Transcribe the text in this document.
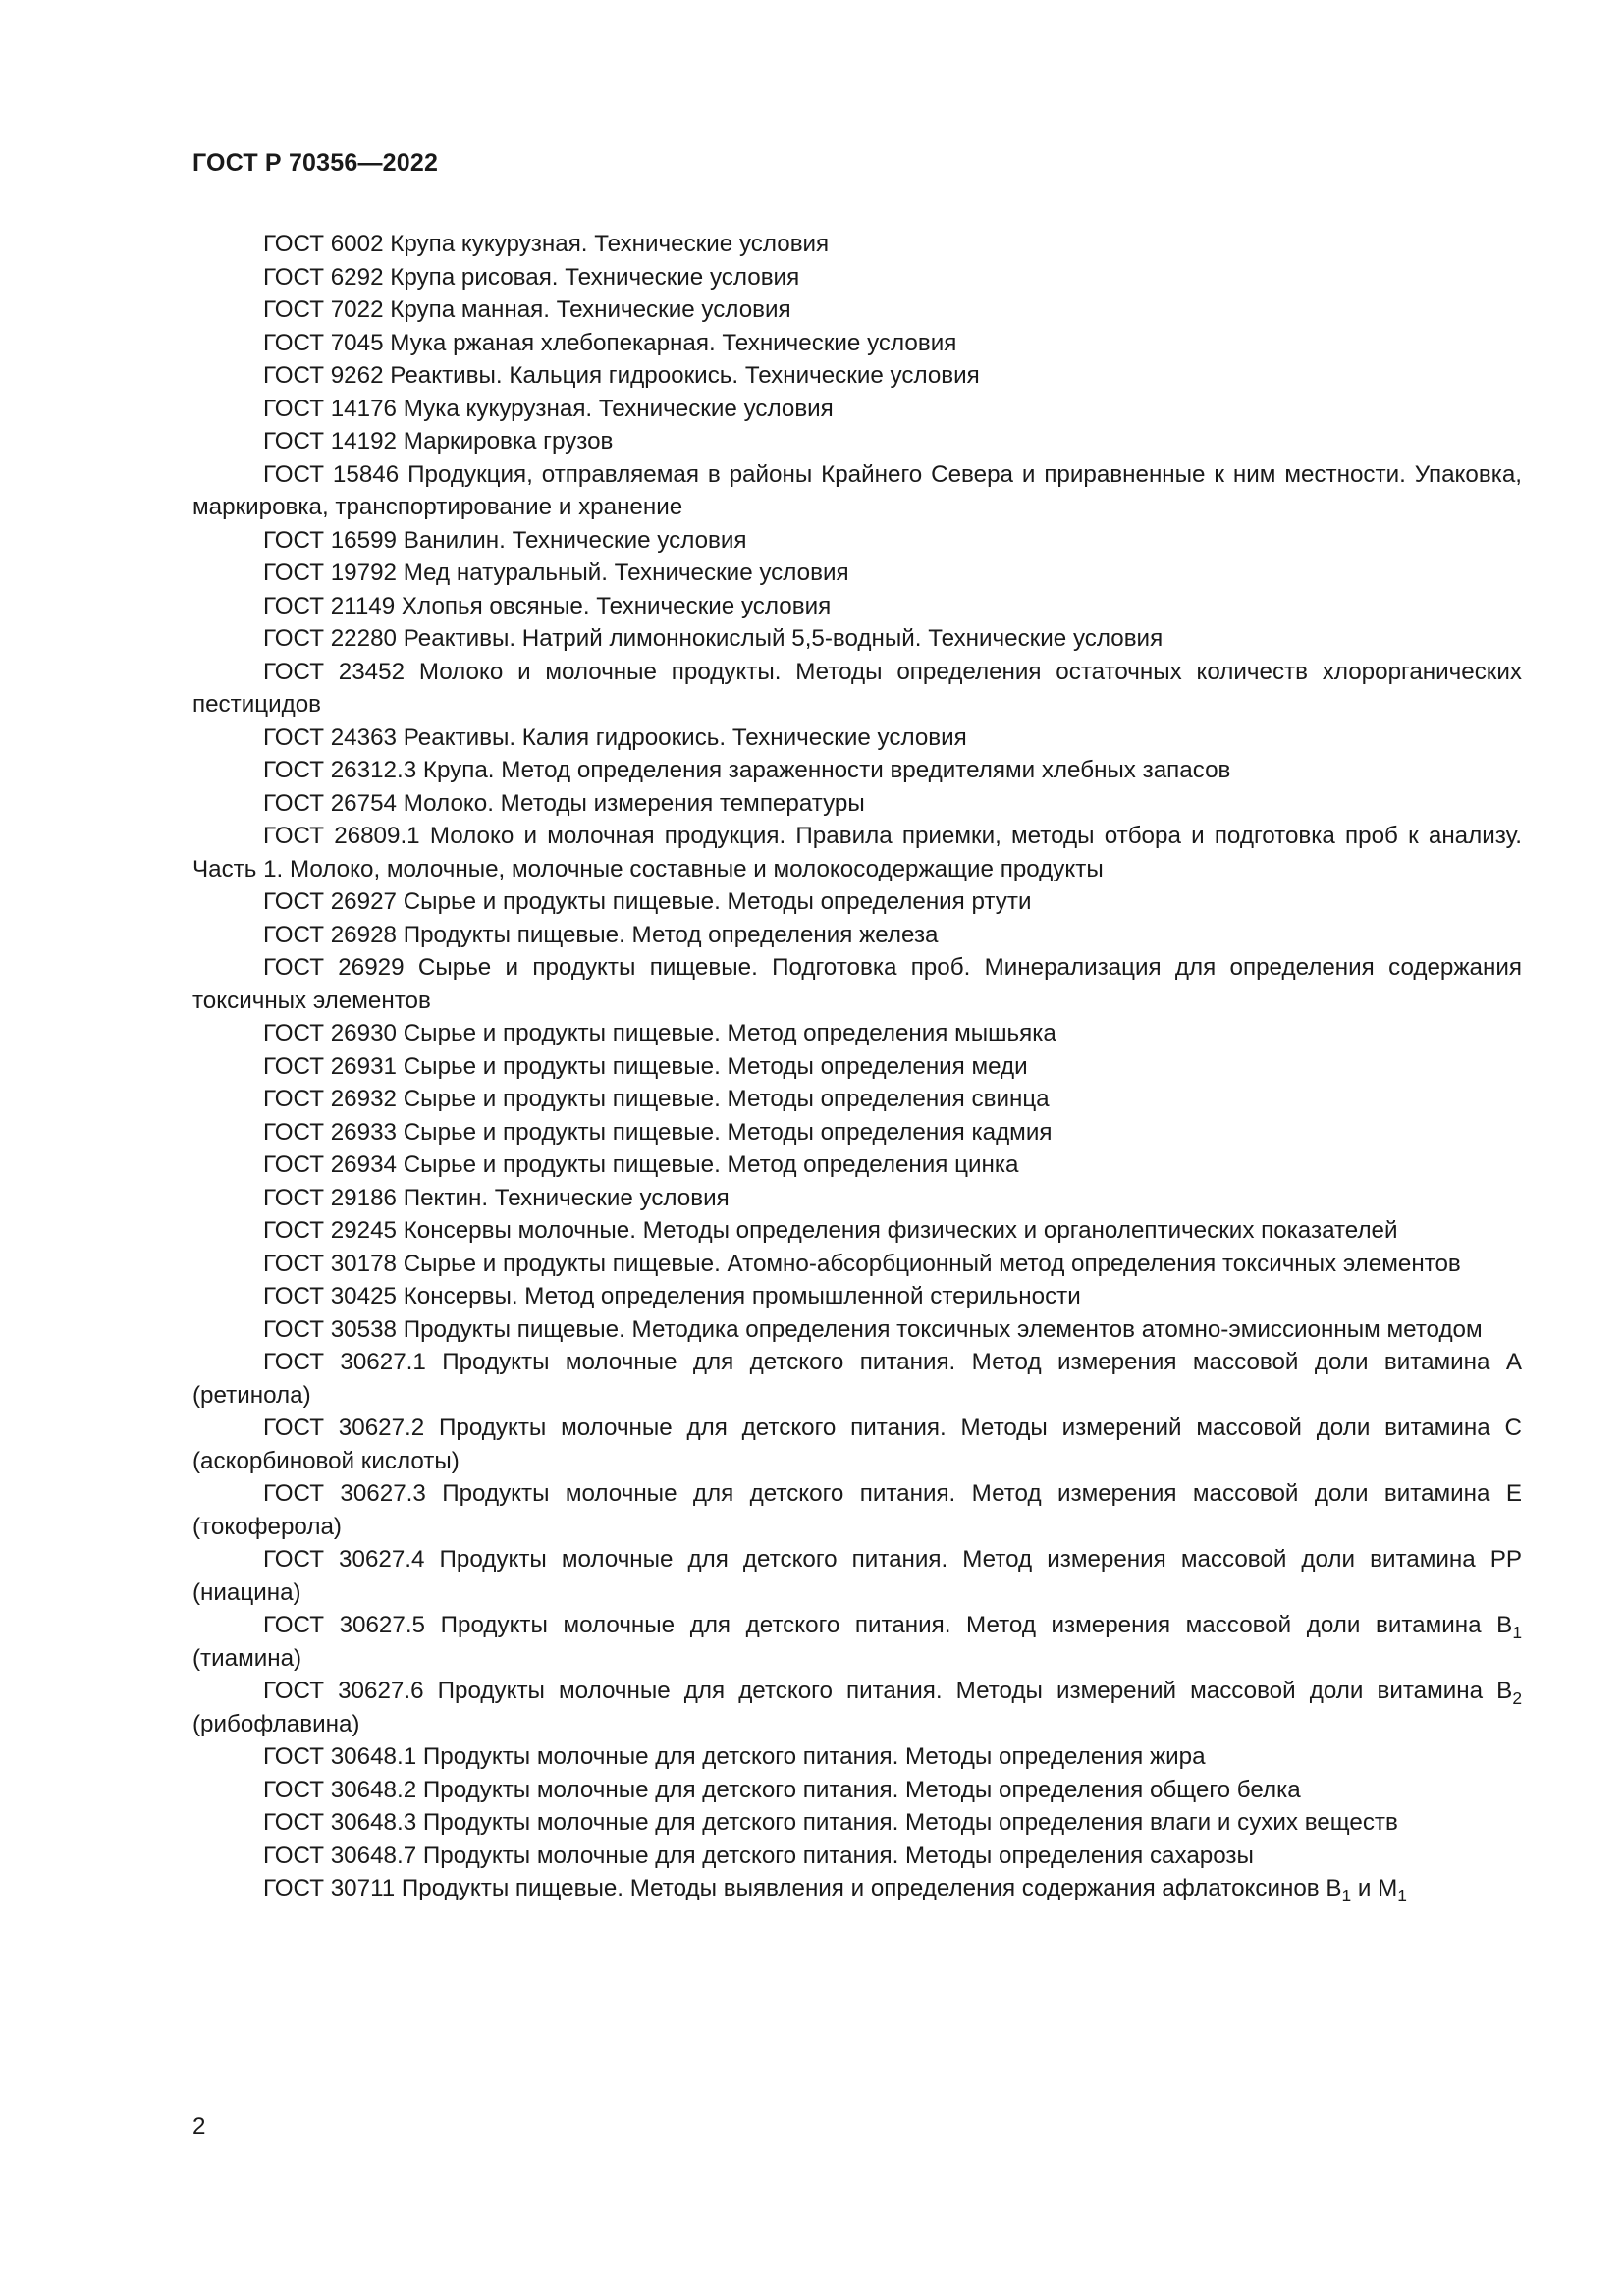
ГОСТ Р 70356—2022

ГОСТ 6002 Крупа кукурузная. Технические условия

ГОСТ 6292 Крупа рисовая. Технические условия

ГОСТ 7022 Крупа манная. Технические условия

ГОСТ 7045 Мука ржаная хлебопекарная. Технические условия

ГОСТ 9262 Реактивы. Кальция гидроокись. Технические условия

ГОСТ 14176 Мука кукурузная. Технические условия

ГОСТ 14192 Маркировка грузов

ГОСТ 15846 Продукция, отправляемая в районы Крайнего Севера и приравненные к ним местности. Упаковка, маркировка, транспортирование и хранение

ГОСТ 16599 Ванилин. Технические условия

ГОСТ 19792 Мед натуральный. Технические условия

ГОСТ 21149 Хлопья овсяные. Технические условия

ГОСТ 22280 Реактивы. Натрий лимоннокислый 5,5-водный. Технические условия

ГОСТ 23452 Молоко и молочные продукты. Методы определения остаточных количеств хлорорганических пестицидов

ГОСТ 24363 Реактивы. Калия гидроокись. Технические условия

ГОСТ 26312.3 Крупа. Метод определения зараженности вредителями хлебных запасов

ГОСТ 26754 Молоко. Методы измерения температуры

ГОСТ 26809.1 Молоко и молочная продукция. Правила приемки, методы отбора и подготовка проб к анализу. Часть 1. Молоко, молочные, молочные составные и молокосодержащие продукты

ГОСТ 26927 Сырье и продукты пищевые. Методы определения ртути

ГОСТ 26928 Продукты пищевые. Метод определения железа

ГОСТ 26929 Сырье и продукты пищевые. Подготовка проб. Минерализация для определения содержания токсичных элементов

ГОСТ 26930 Сырье и продукты пищевые. Метод определения мышьяка

ГОСТ 26931 Сырье и продукты пищевые. Методы определения меди

ГОСТ 26932 Сырье и продукты пищевые. Методы определения свинца

ГОСТ 26933 Сырье и продукты пищевые. Методы определения кадмия

ГОСТ 26934 Сырье и продукты пищевые. Метод определения цинка

ГОСТ 29186 Пектин. Технические условия

ГОСТ 29245 Консервы молочные. Методы определения физических и органолептических показателей

ГОСТ 30178 Сырье и продукты пищевые. Атомно-абсорбционный метод определения токсичных элементов

ГОСТ 30425 Консервы. Метод определения промышленной стерильности

ГОСТ 30538 Продукты пищевые. Методика определения токсичных элементов атомно-эмиссионным методом

ГОСТ 30627.1 Продукты молочные для детского питания. Метод измерения массовой доли витамина А (ретинола)

ГОСТ 30627.2 Продукты молочные для детского питания. Методы измерений массовой доли витамина С (аскорбиновой кислоты)

ГОСТ 30627.3 Продукты молочные для детского питания. Метод измерения массовой доли витамина Е (токоферола)

ГОСТ 30627.4 Продукты молочные для детского питания. Метод измерения массовой доли витамина РР (ниацина)

ГОСТ 30627.5 Продукты молочные для детского питания. Метод измерения массовой доли витамина $В_1$ (тиамина)

ГОСТ 30627.6 Продукты молочные для детского питания. Методы измерений массовой доли витамина $В_2$ (рибофлавина)

ГОСТ 30648.1 Продукты молочные для детского питания. Методы определения жира

ГОСТ 30648.2 Продукты молочные для детского питания. Методы определения общего белка

ГОСТ 30648.3 Продукты молочные для детского питания. Методы определения влаги и сухих веществ

ГОСТ 30648.7 Продукты молочные для детского питания. Методы определения сахарозы

ГОСТ 30711 Продукты пищевые. Методы выявления и определения содержания афлатоксинов $В_1$ и $М_1$

2
